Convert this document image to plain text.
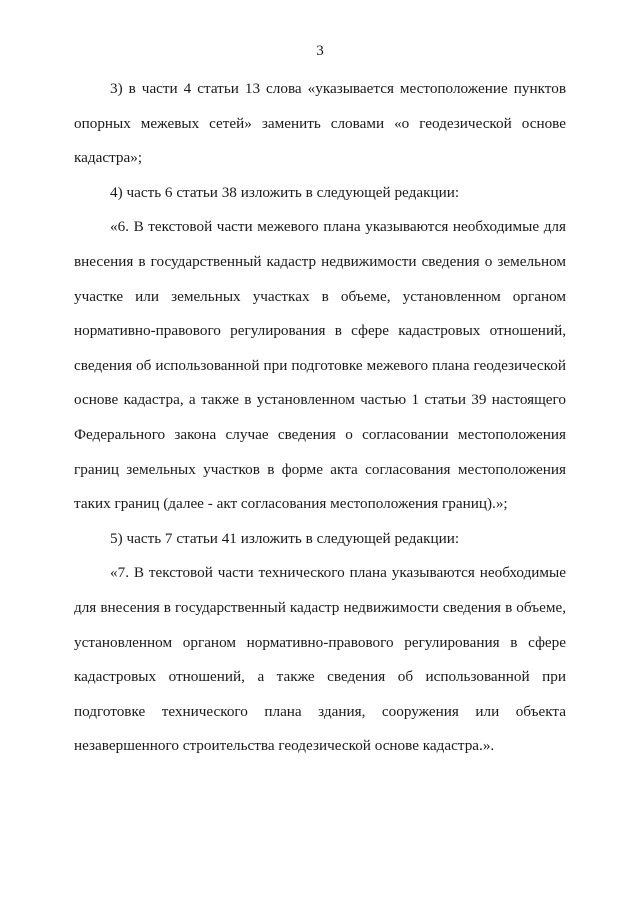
3

3) в части 4 статьи 13 слова «указывается местоположение пунктов опорных межевых сетей» заменить словами «о геодезической основе кадастра»;

4) часть 6 статьи 38 изложить в следующей редакции:

«6. В текстовой части межевого плана указываются необходимые для внесения в государственный кадастр недвижимости сведения о земельном участке или земельных участках в объеме, установленном органом нормативно-правового регулирования в сфере кадастровых отношений, сведения об использованной при подготовке межевого плана геодезической основе кадастра, а также в установленном частью 1 статьи 39 настоящего Федерального закона случае сведения о согласовании местоположения границ земельных участков в форме акта согласования местоположения таких границ (далее - акт согласования местоположения границ).»;

5) часть 7 статьи 41 изложить в следующей редакции:

«7. В текстовой части технического плана указываются необходимые для внесения в государственный кадастр недвижимости сведения в объеме, установленном органом нормативно-правового регулирования в сфере кадастровых отношений, а также сведения об использованной при подготовке технического плана здания, сооружения или объекта незавершенного строительства геодезической основе кадастра.».
